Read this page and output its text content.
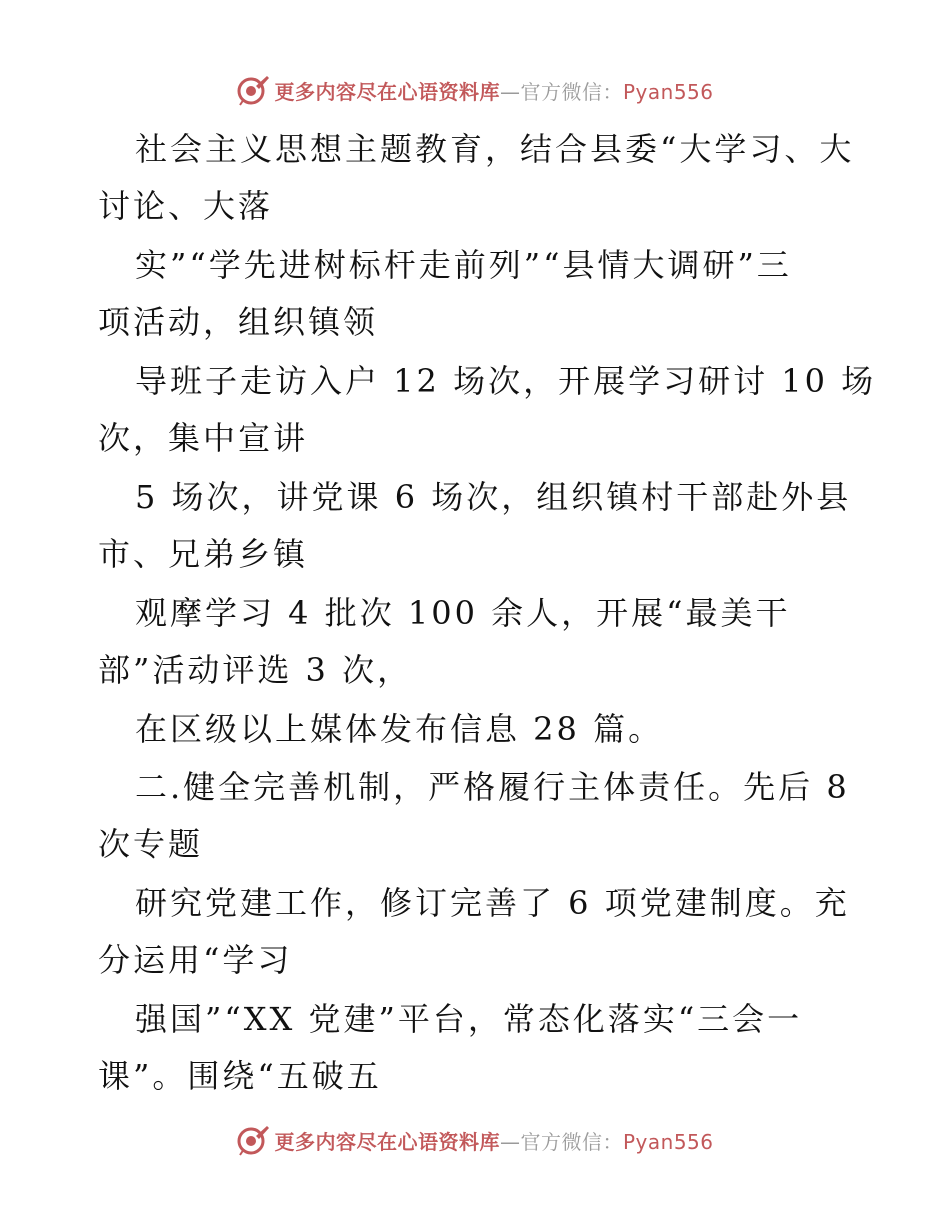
更多内容尽在心语资料库—官方微信：Pyan556
社会主义思想主题教育，结合县委“大学习、大
讨论、大落
实”“学先进树标杆走前列”“县情大调研”三
项活动，组织镇领
导班子走访入户 12 场次，开展学习研讨 10 场
次，集中宣讲
5 场次，讲党课 6 场次，组织镇村干部赴外县
市、兄弟乡镇
观摩学习 4 批次 100 余人，开展“最美干
部”活动评选 3 次，
在区级以上媒体发布信息 28 篇。
二.健全完善机制，严格履行主体责任。先后 8
次专题
研究党建工作，修订完善了 6 项党建制度。充
分运用“学习
强国”“XX 党建”平台，常态化落实“三会一
课”。围绕“五破五
更多内容尽在心语资料库—官方微信：Pyan556
